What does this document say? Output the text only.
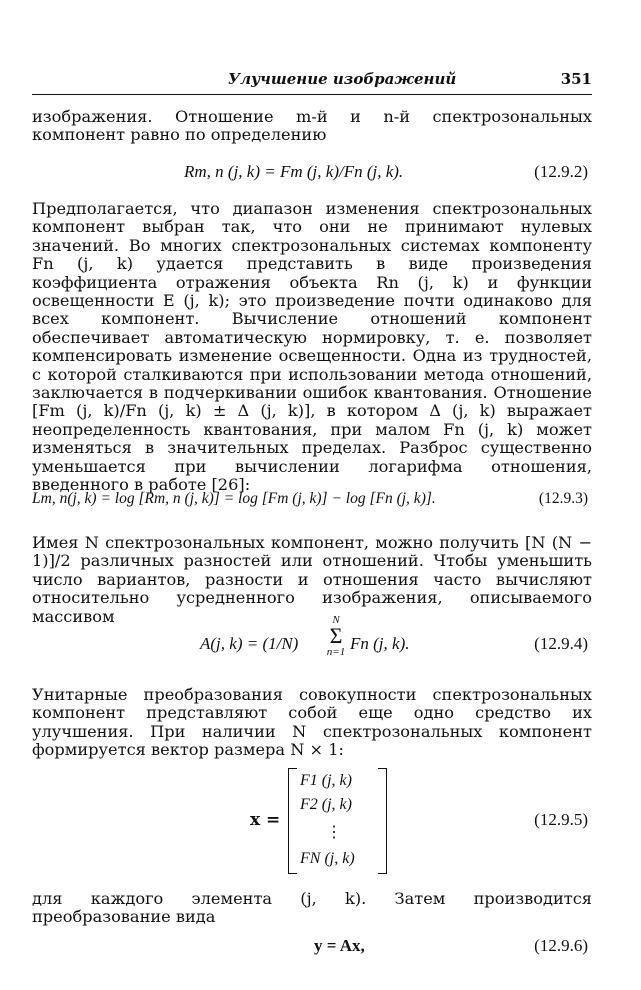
Улучшение изображений	351
изображения. Отношение m-й и n-й спектрозональных компонент равно по определению
Rm, n (j, k) = Fm (j, k)/Fn (j, k).	(12.9.2)
Предполагается, что диапазон изменения спектрозональных компонент выбран так, что они не принимают нулевых значений. Во многих спектрозональных системах компоненту Fn (j, k) удается представить в виде произведения коэффициента отражения объекта Rn (j, k) и функции освещенности E (j, k); это произведение почти одинаково для всех компонент. Вычисление отношений компонент обеспечивает автоматическую нормировку, т. е. позволяет компенсировать изменение освещенности. Одна из трудностей, с которой сталкиваются при использовании метода отношений, заключается в подчеркивании ошибок квантования. Отношение [Fm (j, k)/Fn (j, k) ± Δ (j, k)], в котором Δ (j, k) выражает неопределенность квантования, при малом Fn (j, k) может изменяться в значительных пределах. Разброс существенно уменьшается при вычислении логарифма отношения, введенного в работе [26]:
Lm, n(j, k) = log [Rm, n (j, k)] = log [Fm (j, k)] − log [Fn (j, k)].	(12.9.3)
Имея N спектрозональных компонент, можно получить [N (N − 1)]/2 различных разностей или отношений. Чтобы уменьшить число вариантов, разности и отношения часто вычисляют относительно усредненного изображения, описываемого массивом
A(j, k) = (1/N)	Fn (j, k).	(12.9.4)
N
Σ
n=1
Унитарные преобразования совокупности спектрозональных компонент представляют собой еще одно средство их улучшения. При наличии N спектрозональных компонент формируется вектор размера N × 1:
x =
F1 (j, k)
F2 (j, k)
⋮
FN (j, k)
(12.9.5)
для каждого элемента (j, k). Затем производится преобразование вида
y = Ax,	(12.9.6)
